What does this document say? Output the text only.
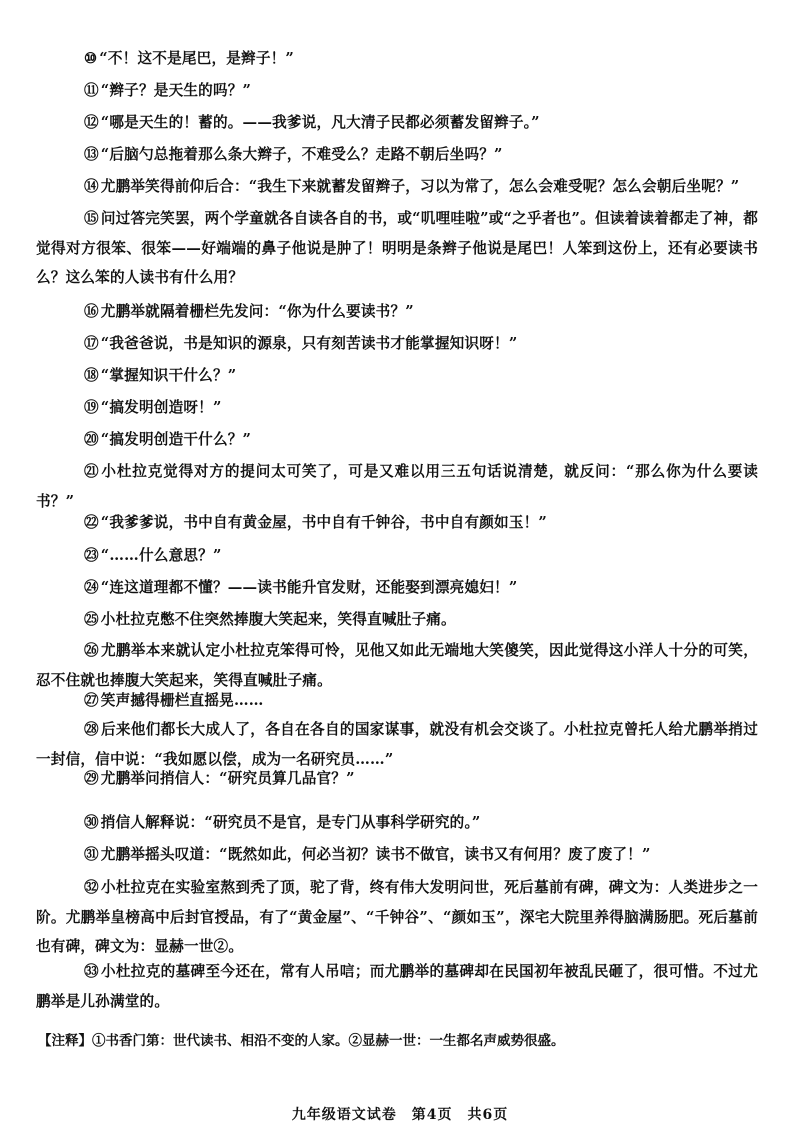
⑩ “不！这不是尾巴，是辫子！”
⑪ “辫子？是天生的吗？”
⑫ “哪是天生的！蓄的。——我爹说，凡大清子民都必须蓄发留辫子。”
⑬ “后脑勺总拖着那么条大辫子，不难受么？走路不朝后坐吗？”
⑭ 尤鹏举笑得前仰后合：“我生下来就蓄发留辫子，习以为常了，怎么会难受呢？怎么会朝后坐呢？”
⑮ 问过答完笑罢，两个学童就各自读各自的书，或“叽哩哇啦”或“之乎者也”。但读着读着都走了神，都觉得对方很笨、很笨——好端端的鼻子他说是肿了！明明是条辫子他说是尾巴！人笨到这份上，还有必要读书么？这么笨的人读书有什么用？
⑯ 尤鹏举就隔着栅栏先发问：“你为什么要读书？”
⑰ “我爸爸说，书是知识的源泉，只有刻苦读书才能掌握知识呀！”
⑱ “掌握知识干什么？”
⑲ “搞发明创造呀！”
⑳ “搞发明创造干什么？”
㉑ 小杜拉克觉得对方的提问太可笑了，可是又难以用三五句话说清楚，就反问：“那么你为什么要读书？”
㉒ “我爹爹说，书中自有黄金屋，书中自有千钟谷，书中自有颜如玉！”
㉓ “……什么意思？”
㉔ “连这道理都不懂？——读书能升官发财，还能娶到漂亮媳妇！”
㉕ 小杜拉克憋不住突然捧腹大笑起来，笑得直喊肚子痛。
㉖ 尤鹏举本来就认定小杜拉克笨得可怜，见他又如此无端地大笑傻笑，因此觉得这小洋人十分的可笑，忍不住就也捧腹大笑起来，笑得直喊肚子痛。
㉗ 笑声撼得栅栏直摇晃……
㉘ 后来他们都长大成人了，各自在各自的国家谋事，就没有机会交谈了。小杜拉克曾托人给尤鹏举捎过一封信，信中说：“我如愿以偿，成为一名研究员……”
㉙ 尤鹏举问捎信人：“研究员算几品官？”
㉚ 捎信人解释说：“研究员不是官，是专门从事科学研究的。”
㉛ 尤鹏举摇头叹道：“既然如此，何必当初？读书不做官，读书又有何用？废了废了！”
㉜ 小杜拉克在实验室熬到秃了顶，驼了背，终有伟大发明问世，死后墓前有碑，碑文为：人类进步之一阶。尤鹏举皇榜高中后封官授品，有了“黄金屋”、“千钟谷”、“颜如玉”，深宅大院里养得脑满肠肥。死后墓前也有碑，碑文为：显赫一世②。
㉝ 小杜拉克的墓碑至今还在，常有人吊唁；而尤鹏举的墓碑却在民国初年被乱民砸了，很可惜。不过尤鹏举是儿孙满堂的。
【注释】①书香门第：世代读书、相沿不变的人家。②显赫一世：一生都名声威势很盛。
九年级语文试卷　第4页　共6页
